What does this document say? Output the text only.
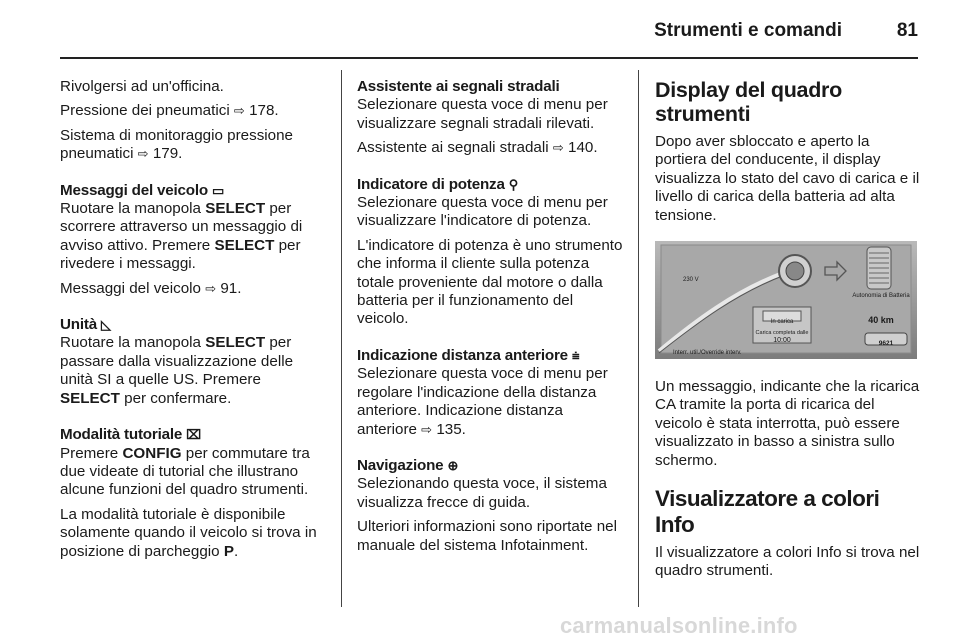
Strumenti e comandi	81

Rivolgersi ad un'officina.

Pressione dei pneumatici ⇨ 178.

Sistema di monitoraggio pressione pneumatici ⇨ 179.

Messaggi del veicolo ▭

Ruotare la manopola SELECT per scorrere attraverso un messaggio di avviso attivo. Premere SELECT per rivedere i messaggi.

Messaggi del veicolo ⇨ 91.

Unità ◺

Ruotare la manopola SELECT per passare dalla visualizzazione delle unità SI a quelle US. Premere SELECT per confermare.

Modalità tutoriale ⌧

Premere CONFIG per commutare tra due videate di tutorial che illustrano alcune funzioni del quadro strumenti.

La modalità tutoriale è disponibile solamente quando il veicolo si trova in posizione di parcheggio P.

Assistente ai segnali stradali

Selezionare questa voce di menu per visualizzare segnali stradali rilevati.

Assistente ai segnali stradali ⇨ 140.

Indicatore di potenza ⚲

Selezionare questa voce di menu per visualizzare l'indicatore di potenza.

L'indicatore di potenza è uno strumento che informa il cliente sulla potenza totale proveniente dal motore o dalla batteria per il funzionamento del veicolo.

Indicazione distanza anteriore ⩧

Selezionare questa voce di menu per regolare l'indicazione della distanza anteriore. Indicazione distanza anteriore ⇨ 135.

Navigazione ⊕

Selezionando questa voce, il sistema visualizza frecce di guida.

Ulteriori informazioni sono riportate nel manuale del sistema Infotainment.

Display del quadro strumenti

Dopo aver sbloccato e aperto la portiera del conducente, il display visualizza lo stato del cavo di carica e il livello di carica della batteria ad alta tensione.

230 V
In carica
Carica completa dalle
10:00
Autonomia di Batteria
40 km
9621
Interr. util./Override interv.

Un messaggio, indicante che la ricarica CA tramite la porta di ricarica del veicolo è stata interrotta, può essere visualizzato in basso a sinistra sullo schermo.

Visualizzatore a colori Info

Il visualizzatore a colori Info si trova nel quadro strumenti.

carmanualsonline.info
